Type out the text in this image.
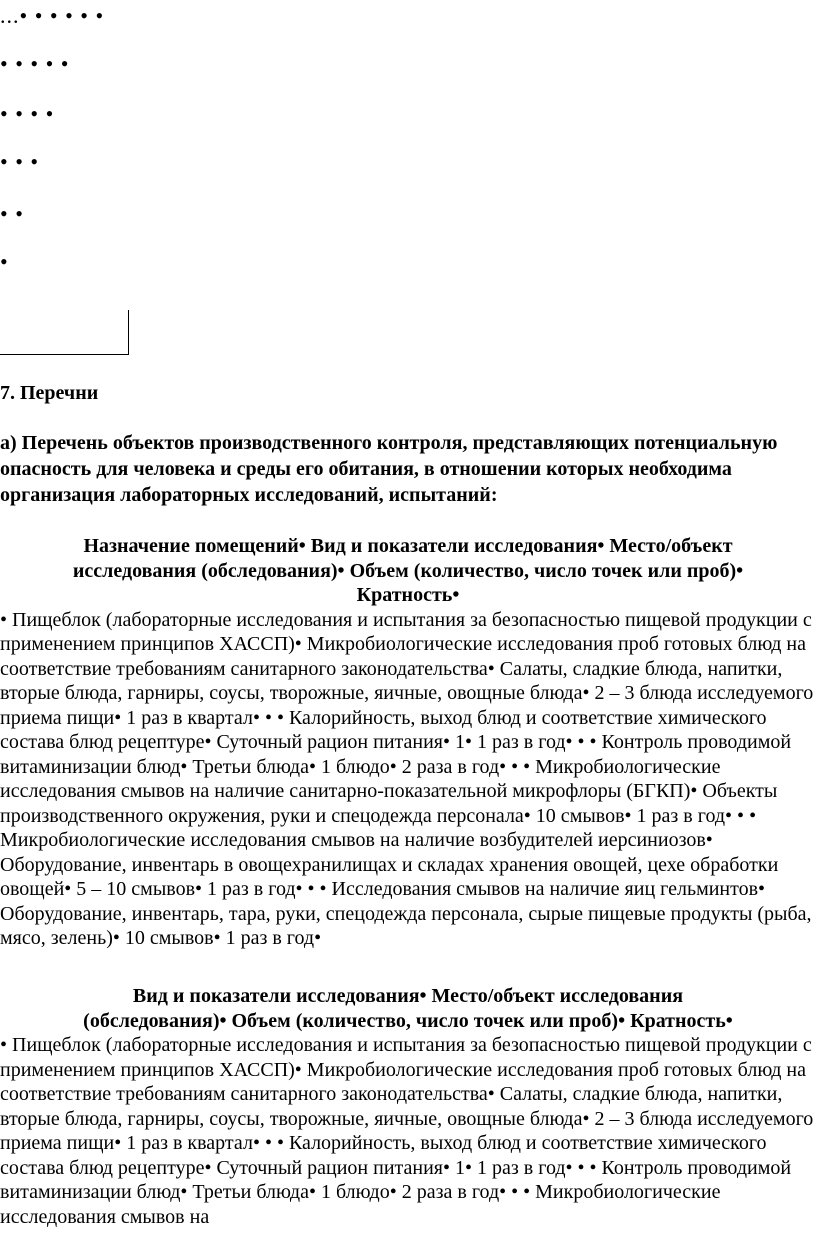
...• • • • • •
• • • • •
• • • •
• • •
• •
•
7. Перечни
а) Перечень объектов производственного контроля, представляющих потенциальную опасность для человека и среды его обитания, в отношении которых необходима организация лабораторных исследований, испытаний:
Назначение помещений• Вид и показатели исследования• Место/объект исследования (обследования)• Объем (количество, число точек или проб)• Кратность•
• Пищеблок (лабораторные исследования и испытания за безопасностью пищевой продукции с применением принципов ХАССП)• Микробиологические исследования проб готовых блюд на соответствие требованиям санитарного законодательства• Салаты, сладкие блюда, напитки, вторые блюда, гарниры, соусы, творожные, яичные, овощные блюда• 2 – 3 блюда исследуемого приема пищи• 1 раз в квартал• • • Калорийность, выход блюд и соответствие химического состава блюд рецептуре• Суточный рацион питания• 1• 1 раз в год• • • Контроль проводимой витаминизации блюд• Третьи блюда• 1 блюдо• 2 раза в год• • • Микробиологические исследования смывов на наличие санитарно-показательной микрофлоры (БГКП)• Объекты производственного окружения, руки и спецодежда персонала• 10 смывов• 1 раз в год• • • Микробиологические исследования смывов на наличие возбудителей иерсиниозов• Оборудование, инвентарь в овощехранилищах и складах хранения овощей, цехе обработки овощей• 5 – 10 смывов• 1 раз в год• • • Исследования смывов на наличие яиц гельминтов• Оборудование, инвентарь, тара, руки, спецодежда персонала, сырые пищевые продукты (рыба, мясо, зелень)• 10 смывов• 1 раз в год•
Вид и показатели исследования• Место/объект исследования (обследования)• Объем (количество, число точек или проб)• Кратность•
• Пищеблок (лабораторные исследования и испытания за безопасностью пищевой продукции с применением принципов ХАССП)• Микробиологические исследования проб готовых блюд на соответствие требованиям санитарного законодательства• Салаты, сладкие блюда, напитки, вторые блюда, гарниры, соусы, творожные, яичные, овощные блюда• 2 – 3 блюда исследуемого приема пищи• 1 раз в квартал• • • Калорийность, выход блюд и соответствие химического состава блюд рецептуре• Суточный рацион питания• 1• 1 раз в год• • • Контроль проводимой витаминизации блюд• Третьи блюда• 1 блюдо• 2 раза в год• • • Микробиологические исследования смывов на
